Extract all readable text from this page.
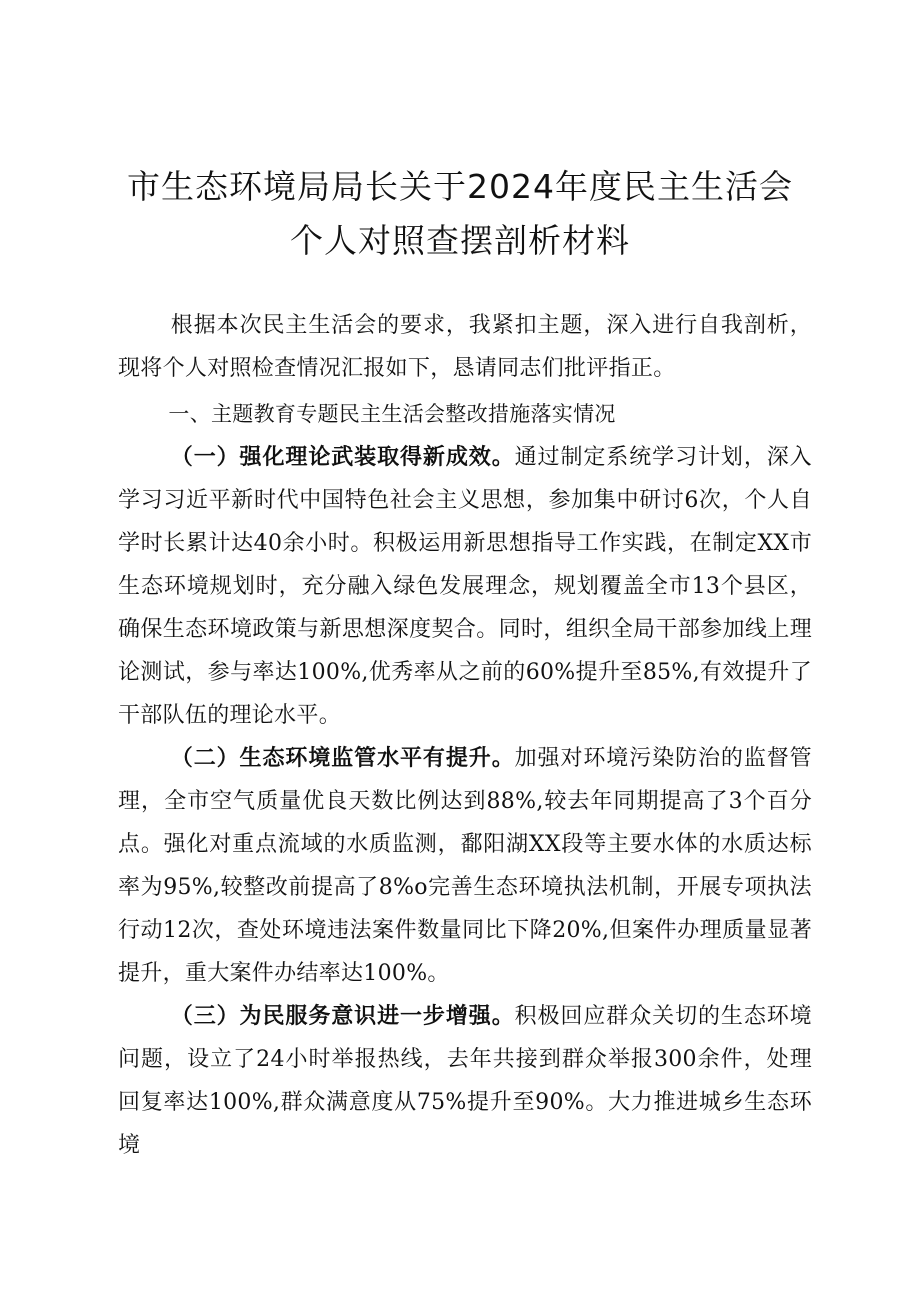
市生态环境局局长关于2024年度民主生活会
个人对照查摆剖析材料

根据本次民主生活会的要求，我紧扣主题，深入进行自我剖析，现将个人对照检查情况汇报如下，恳请同志们批评指正。

一、主题教育专题民主生活会整改措施落实情况

（一）强化理论武装取得新成效。通过制定系统学习计划，深入学习习近平新时代中国特色社会主义思想，参加集中研讨6次，个人自学时长累计达40余小时。积极运用新思想指导工作实践，在制定XX市生态环境规划时，充分融入绿色发展理念，规划覆盖全市13个县区，确保生态环境政策与新思想深度契合。同时，组织全局干部参加线上理论测试，参与率达100%,优秀率从之前的60%提升至85%,有效提升了干部队伍的理论水平。

（二）生态环境监管水平有提升。加强对环境污染防治的监督管理，全市空气质量优良天数比例达到88%,较去年同期提高了3个百分点。强化对重点流域的水质监测，鄱阳湖XX段等主要水体的水质达标率为95%,较整改前提高了8%o完善生态环境执法机制，开展专项执法行动12次，查处环境违法案件数量同比下降20%,但案件办理质量显著提升，重大案件办结率达100%。

（三）为民服务意识进一步增强。积极回应群众关切的生态环境问题，设立了24小时举报热线，去年共接到群众举报300余件，处理回复率达100%,群众满意度从75%提升至90%。大力推进城乡生态环境
